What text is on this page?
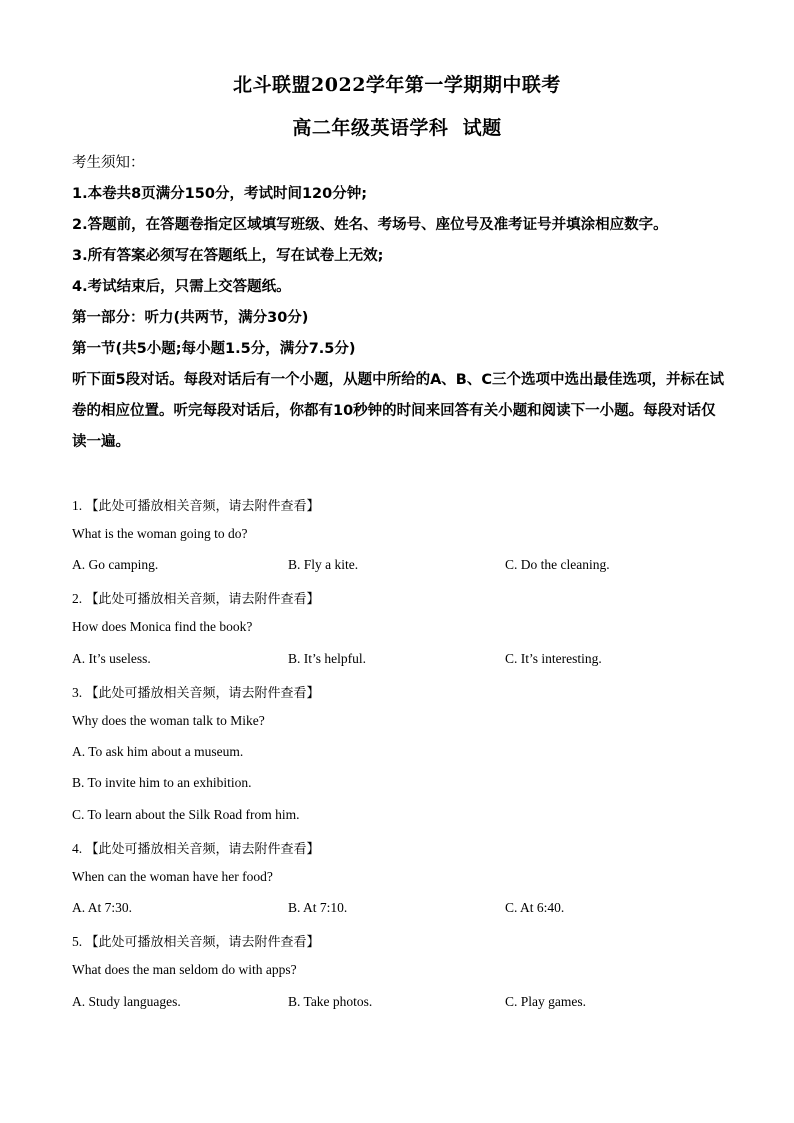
北斗联盟2022学年第一学期期中联考
高二年级英语学科  试题

考生须知：

1.本卷共8页满分150分，考试时间120分钟;

2.答题前，在答题卷指定区域填写班级、姓名、考场号、座位号及准考证号并填涂相应数字。

3.所有答案必须写在答题纸上，写在试卷上无效;

4.考试结束后，只需上交答题纸。

第一部分：听力(共两节，满分30分)

第一节(共5小题;每小题1.5分，满分7.5分)

听下面5段对话。每段对话后有一个小题，从题中所给的A、B、C三个选项中选出最佳选项，并标在试卷的相应位置。听完每段对话后，你都有10秒钟的时间来回答有关小题和阅读下一小题。每段对话仅读一遍。

1. 【此处可播放相关音频，请去附件查看】
What is the woman going to do?
A. Go camping.	B. Fly a kite.	C. Do the cleaning.
2. 【此处可播放相关音频，请去附件查看】
How does Monica find the book?
A. It’s useless.	B. It’s helpful.	C. It’s interesting.
3. 【此处可播放相关音频，请去附件查看】
Why does the woman talk to Mike?
A. To ask him about a museum.
B. To invite him to an exhibition.
C. To learn about the Silk Road from him.
4. 【此处可播放相关音频，请去附件查看】
When can the woman have her food?
A. At 7:30.	B. At 7:10.	C. At 6:40.
5. 【此处可播放相关音频，请去附件查看】
What does the man seldom do with apps?
A. Study languages.	B. Take photos.	C. Play games.
